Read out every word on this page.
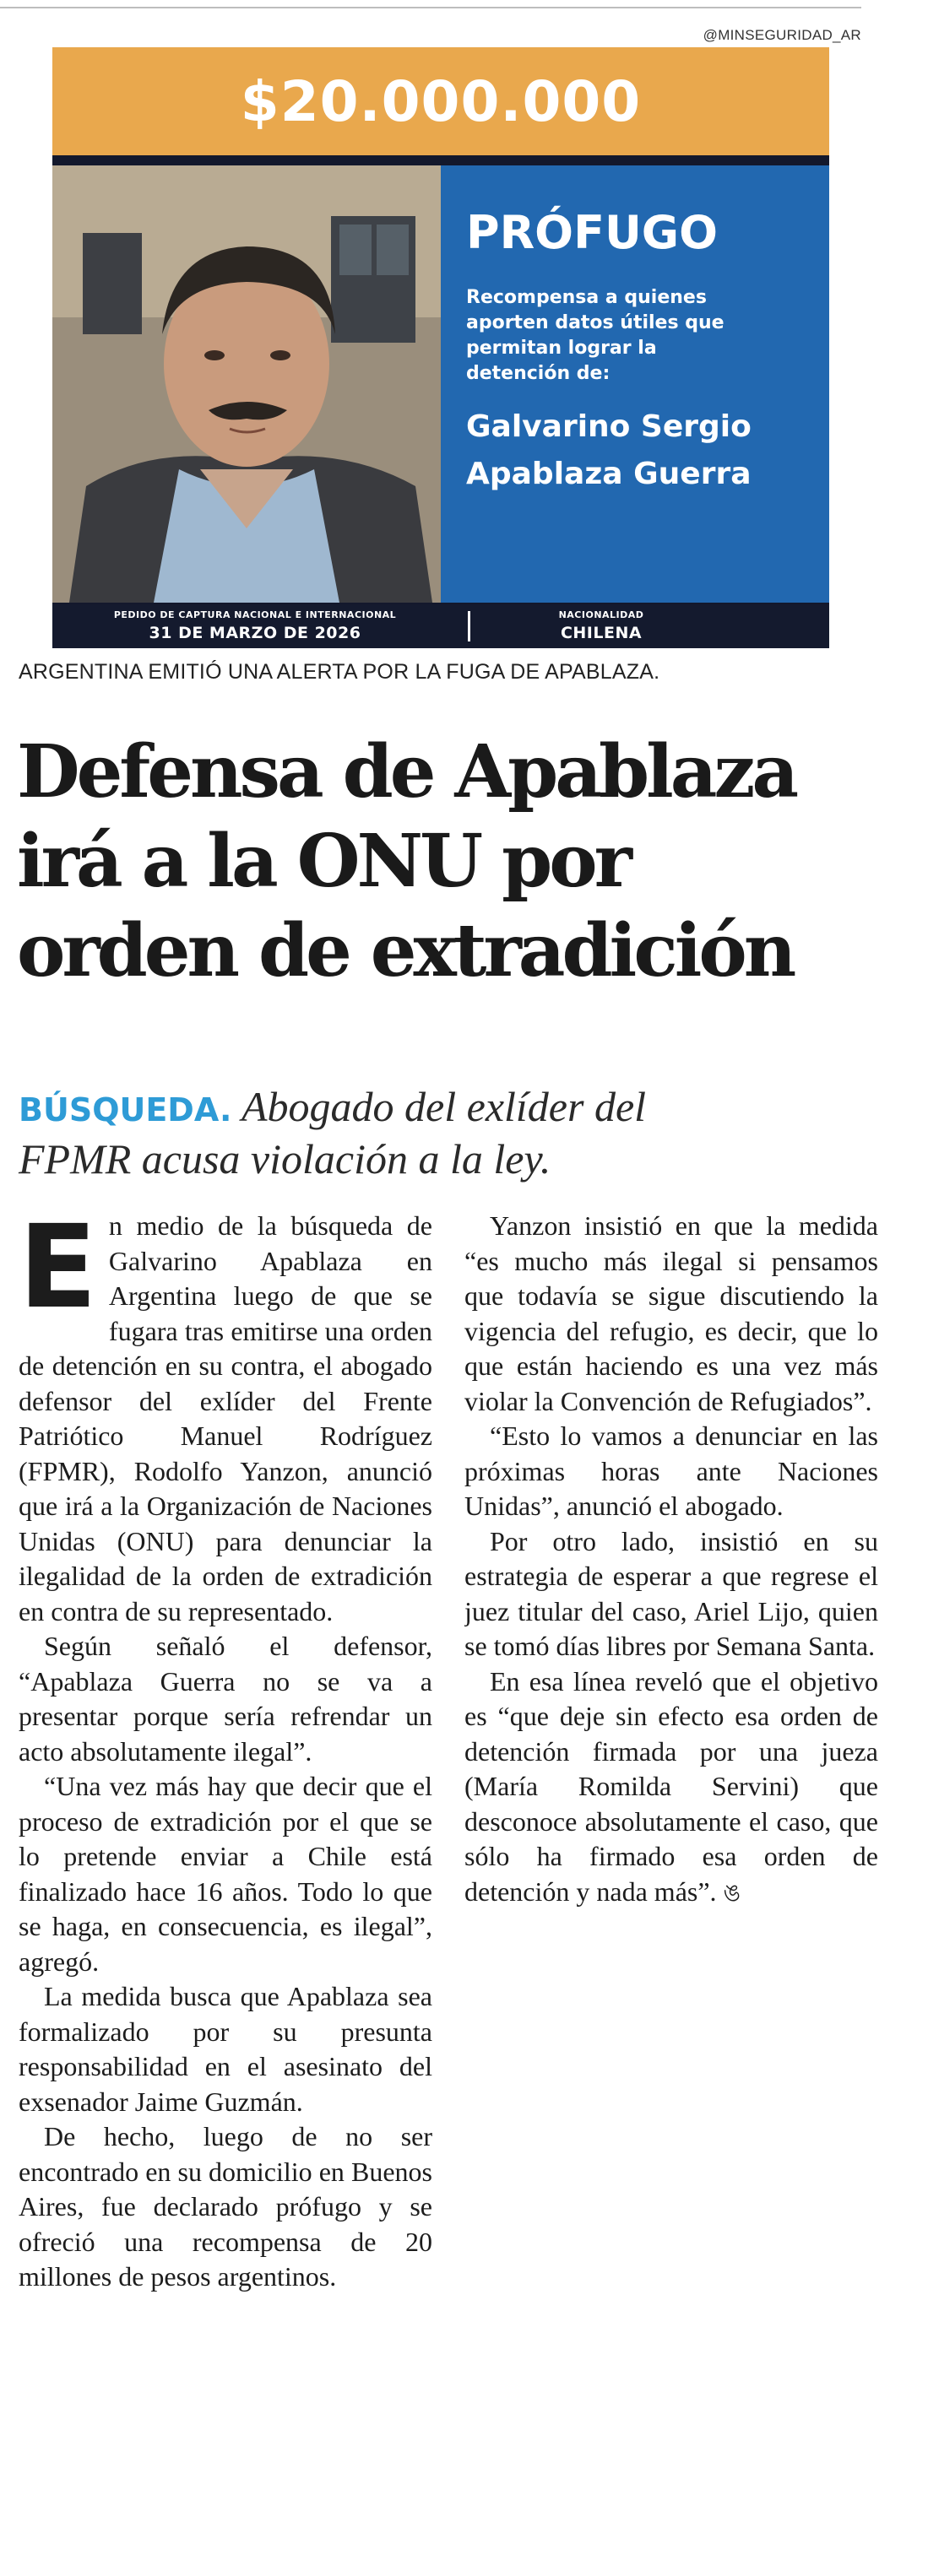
@MINSEGURIDAD_AR
$20.000.000
PRÓFUGO
Recompensa a quienes
aporten datos útiles que
permitan lograr la
detención de:
Galvarino Sergio
Apablaza Guerra
PEDIDO DE CAPTURA NACIONAL E INTERNACIONAL
31 DE MARZO DE 2026
NACIONALIDAD
CHILENA
ARGENTINA EMITIÓ UNA ALERTA POR LA FUGA DE APABLAZA.
Defensa de Apablaza
irá a la ONU por
orden de extradición
BÚSQUEDA. Abogado del exlíder del
FPMR acusa violación a la ley.

En medio de la búsqueda de Galvarino Apablaza en Argentina luego de que se fugara tras emitirse una orden de detención en su contra, el abogado defensor del exlíder del Frente Patriótico Manuel Rodríguez (FPMR), Rodolfo Yanzon, anunció que irá a la Organización de Naciones Unidas (ONU) para denunciar la ilegalidad de la orden de extradición en contra de su representado.

Según señaló el defensor, “Apablaza Guerra no se va a presentar porque sería refrendar un acto absolutamente ilegal”.

“Una vez más hay que decir que el proceso de extradición por el que se lo pretende enviar a Chile está finalizado hace 16 años. Todo lo que se haga, en consecuencia, es ilegal”, agregó.

La medida busca que Apablaza sea formalizado por su presunta responsabilidad en el asesinato del exsenador Jaime Guzmán.

De hecho, luego de no ser encontrado en su domicilio en Buenos Aires, fue declarado prófugo y se ofreció una recompensa de 20 millones de pesos argentinos.

Yanzon insistió en que la medida “es mucho más ilegal si pensamos que todavía se sigue discutiendo la vigencia del refugio, es decir, que lo que están haciendo es una vez más violar la Convención de Refugiados”.

“Esto lo vamos a denunciar en las próximas horas ante Naciones Unidas”, anunció el abogado.

Por otro lado, insistió en su estrategia de esperar a que regrese el juez titular del caso, Ariel Lijo, quien se tomó días libres por Semana Santa.

En esa línea reveló que el objetivo es “que deje sin efecto esa orden de detención firmada por una jueza (María Romilda Servini) que desconoce absolutamente el caso, que sólo ha firmado esa orden de detención y nada más”. ঙ
